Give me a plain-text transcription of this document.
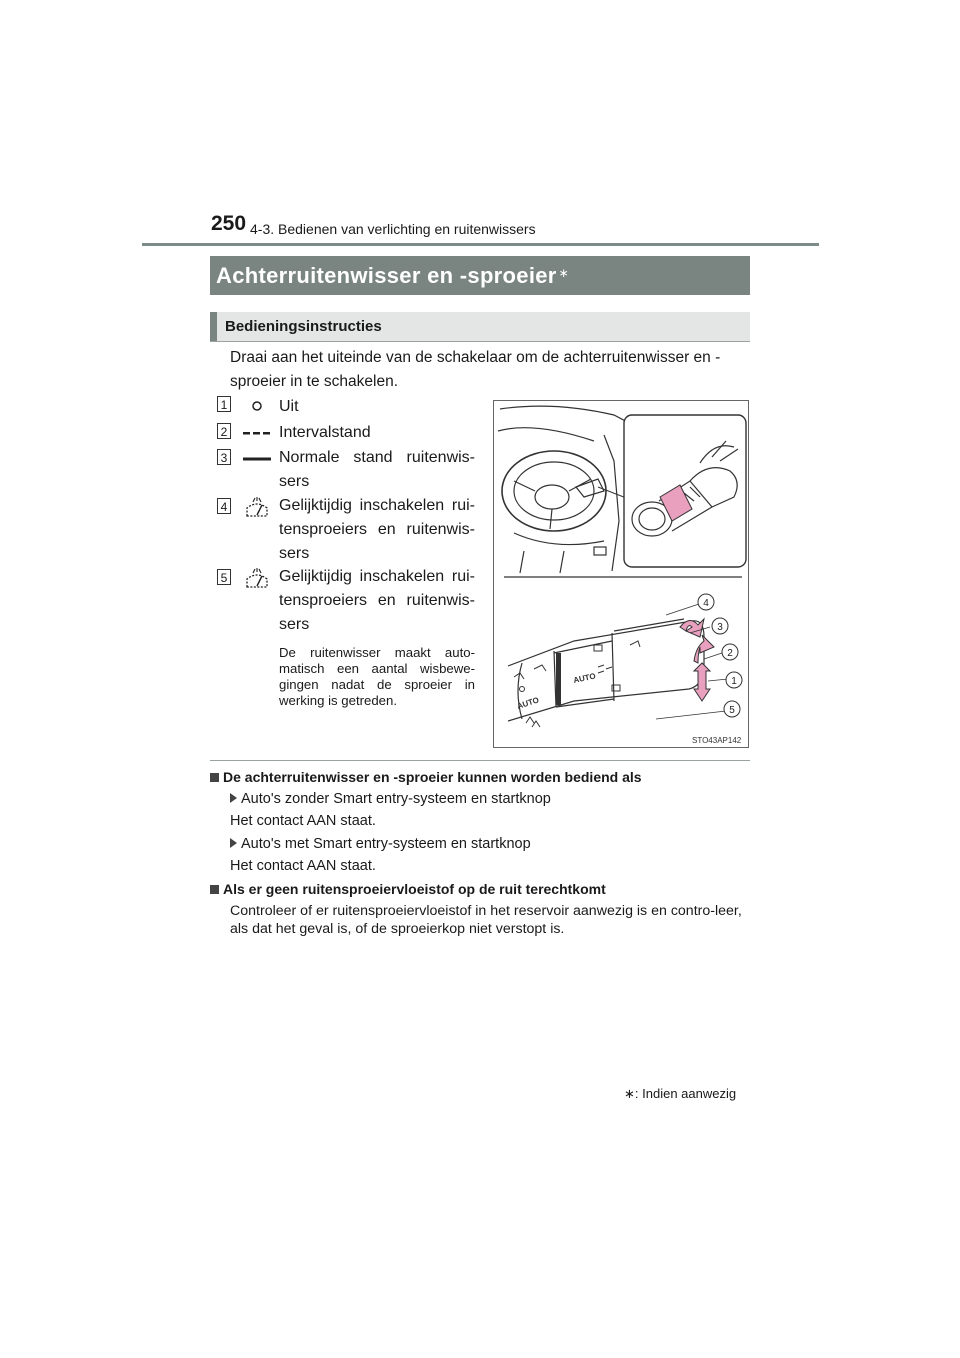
250 4-3. Bedienen van verlichting en ruitenwissers
Achterruitenwisser en -sproeier ∗
Bedieningsinstructies
Draai aan het uiteinde van de schakelaar om de achterruitenwisser en -sproeier in te schakelen.
1	Uit
2	Intervalstand
3	Normale stand ruitenwis-sers
4	Gelijktijdig inschakelen rui-tensproeiers en ruitenwis-sers
5	Gelijktijdig inschakelen rui-tensproeiers en ruitenwis-sers
De ruitenwisser maakt auto-matisch een aantal wisbewe-gingen nadat de sproeier in werking is getreden.
AUTO
AUTO
4
3
2
1
5
STO43AP142
De achterruitenwisser en -sproeier kunnen worden bediend als
Auto's zonder Smart entry-systeem en startknop
Het contact AAN staat.
Auto's met Smart entry-systeem en startknop
Het contact AAN staat.
Als er geen ruitensproeiervloeistof op de ruit terechtkomt
Controleer of er ruitensproeiervloeistof in het reservoir aanwezig is en contro-leer, als dat het geval is, of de sproeierkop niet verstopt is.
∗: Indien aanwezig
